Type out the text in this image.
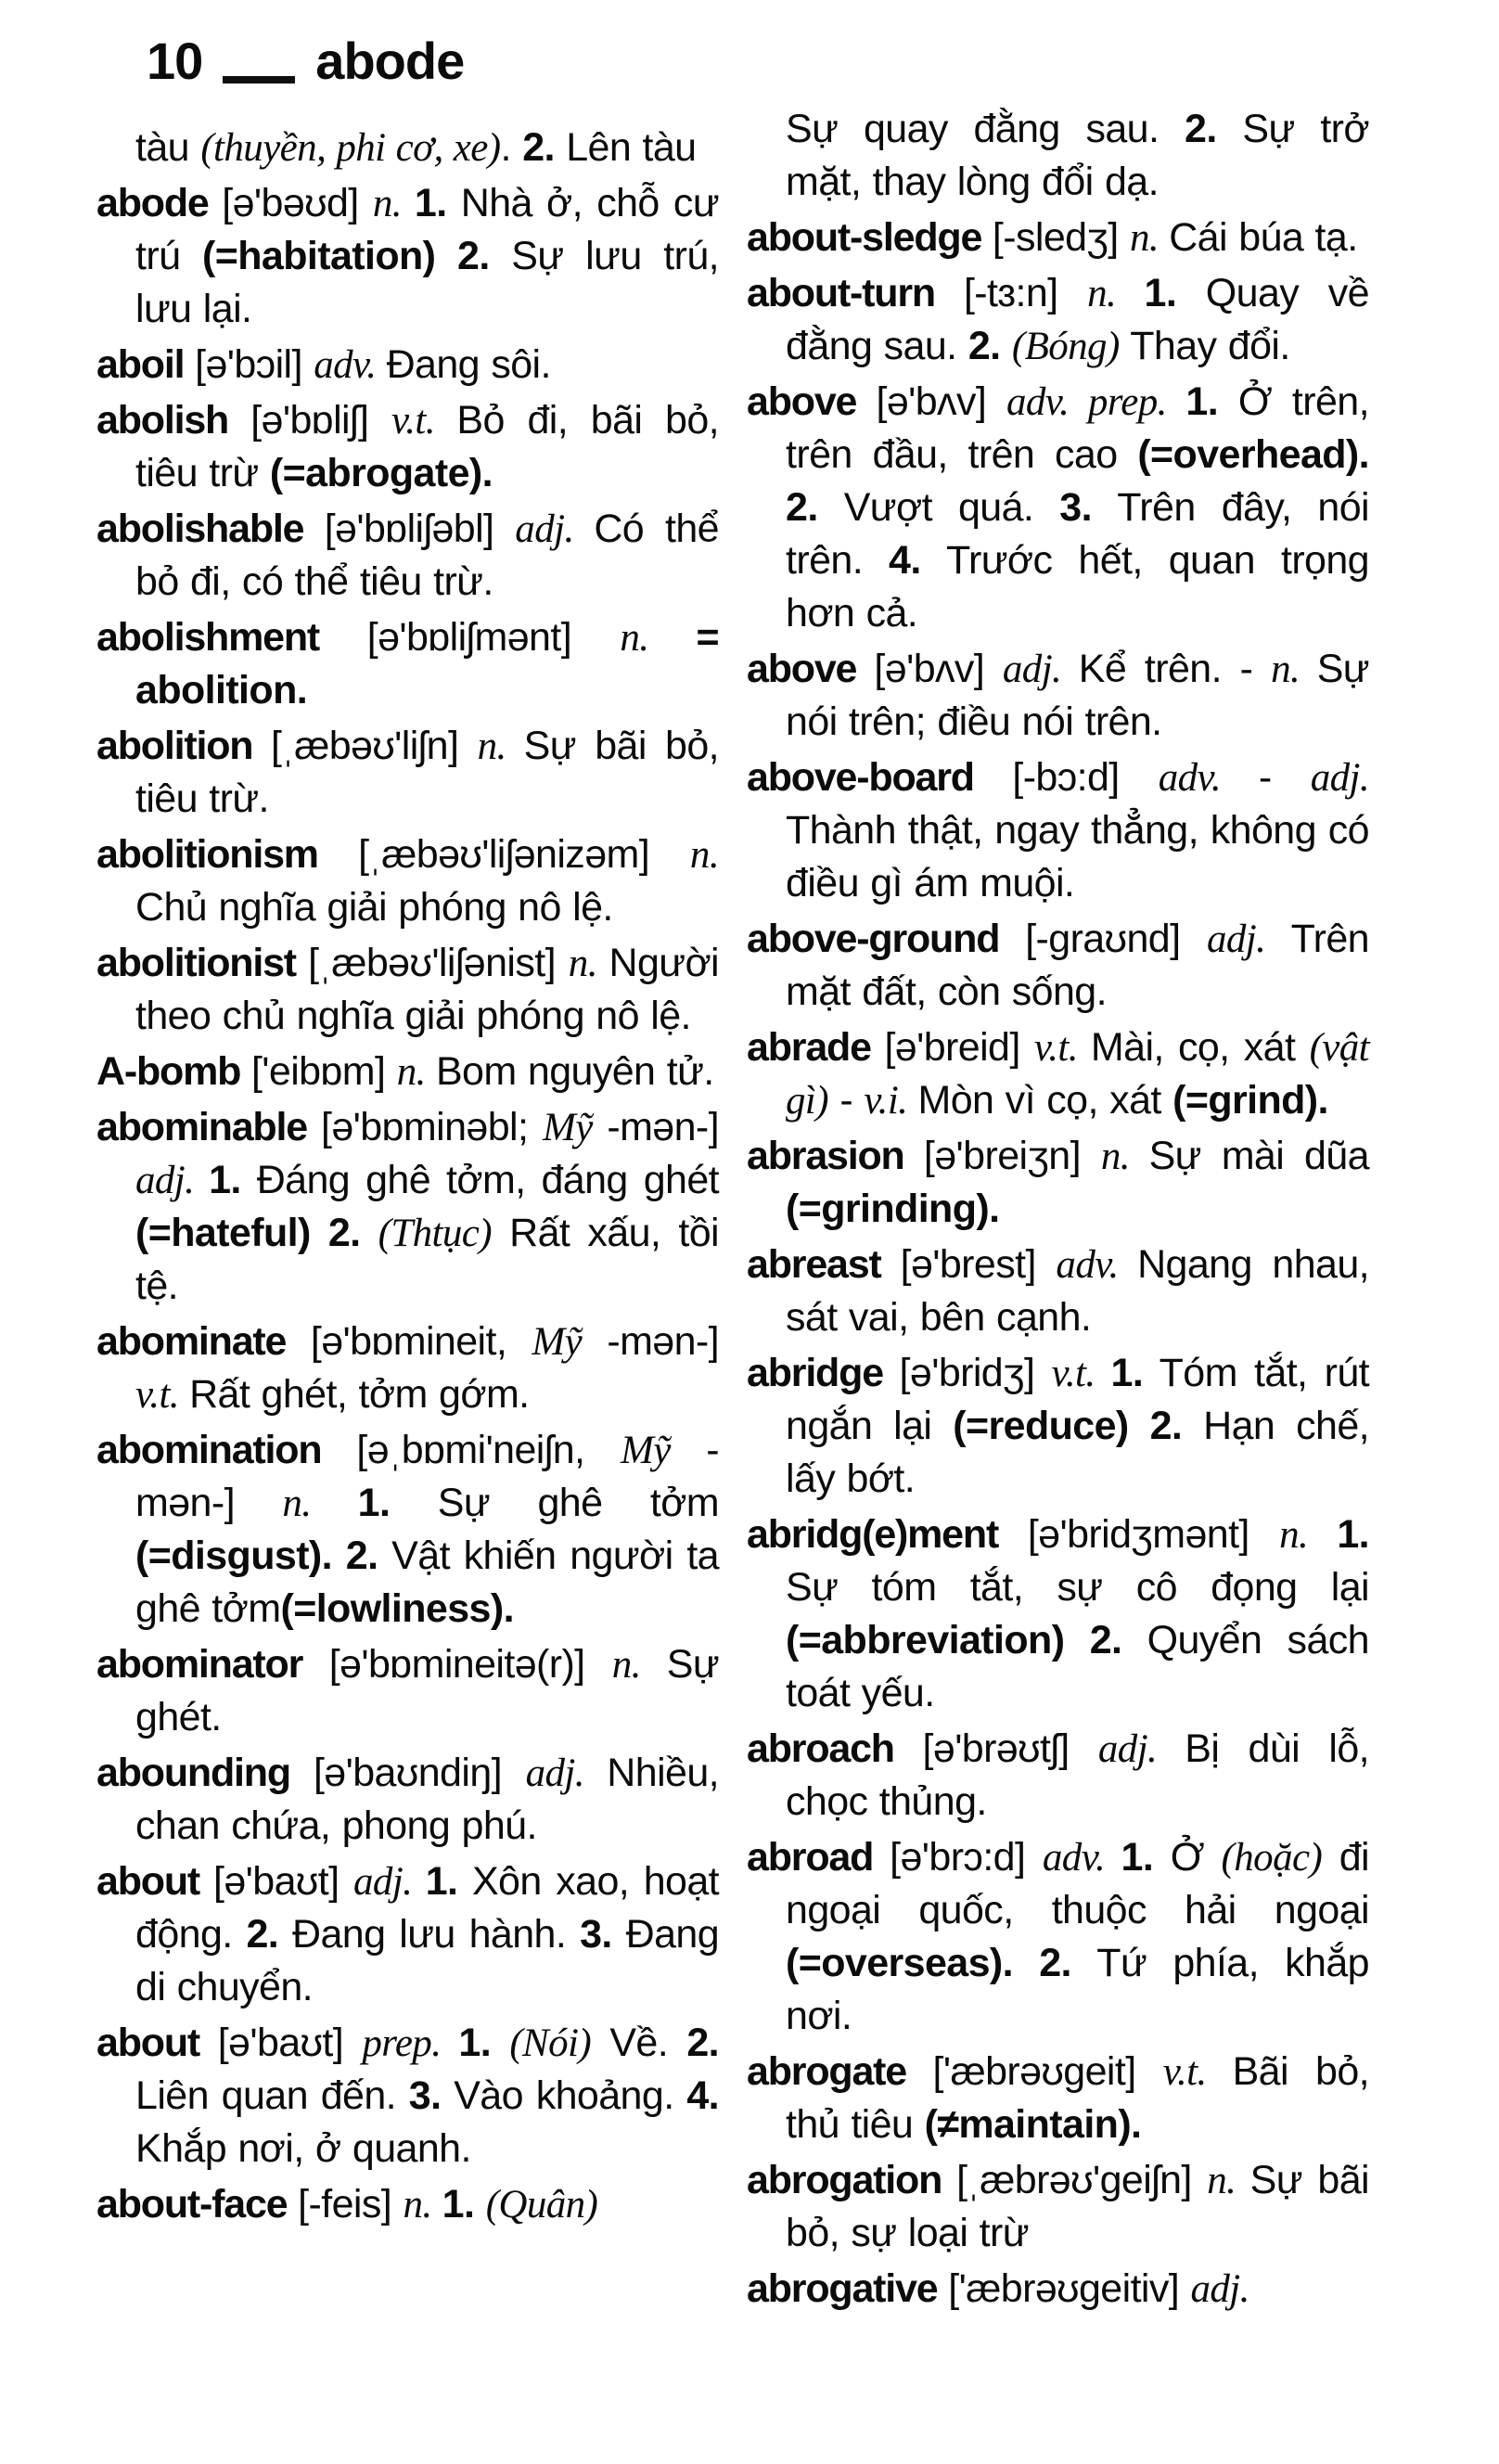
10 abode

tàu (thuyền, phi cơ, xe). 2. Lên tàu

abode [ə'bəʊd] n. 1. Nhà ở, chỗ cư trú (=habitation) 2. Sự lưu trú, lưu lại.

aboil [ə'bɔil] adv. Đang sôi.

abolish [ə'bɒliʃ] v.t. Bỏ đi, bãi bỏ, tiêu trừ (=abrogate).

abolishable [ə'bɒliʃəbl] adj. Có thể bỏ đi, có thể tiêu trừ.

abolishment [ə'bɒliʃmənt] n. = abolition.

abolition [ˌæbəʊ'liʃn] n. Sự bãi bỏ, tiêu trừ.

abolitionism [ˌæbəʊ'liʃənizəm] n. Chủ nghĩa giải phóng nô lệ.

abolitionist [ˌæbəʊ'liʃənist] n. Người theo chủ nghĩa giải phóng nô lệ.

A-bomb ['eibɒm] n. Bom nguyên tử.

abominable [ə'bɒminəbl; Mỹ -mən-] adj. 1. Đáng ghê tởm, đáng ghét (=hateful) 2. (Thtục) Rất xấu, tồi tệ.

abominate [ə'bɒmineit, Mỹ -mən-] v.t. Rất ghét, tởm gớm.

abomination [əˌbɒmi'neiʃn, Mỹ -mən-] n. 1. Sự ghê tởm (=disgust). 2. Vật khiến người ta ghê tởm(=lowliness).

abominator [ə'bɒmineitə(r)] n. Sự ghét.

abounding [ə'baʊndiŋ] adj. Nhiều, chan chứa, phong phú.

about [ə'baʊt] adj. 1. Xôn xao, hoạt động. 2. Đang lưu hành. 3. Đang di chuyển.

about [ə'baʊt] prep. 1. (Nói) Về. 2. Liên quan đến. 3. Vào khoảng. 4. Khắp nơi, ở quanh.

about-face [-feis] n. 1. (Quân)

Sự quay đằng sau. 2. Sự trở mặt, thay lòng đổi dạ.

about-sledge [-sledʒ] n. Cái búa tạ.

about-turn [-tɜ:n] n. 1. Quay về đằng sau. 2. (Bóng) Thay đổi.

above [ə'bʌv] adv. prep. 1. Ở trên, trên đầu, trên cao (=overhead). 2. Vượt quá. 3. Trên đây, nói trên. 4. Trước hết, quan trọng hơn cả.

above [ə'bʌv] adj. Kể trên. - n. Sự nói trên; điều nói trên.

above-board [-bɔ:d] adv. - adj. Thành thật, ngay thẳng, không có điều gì ám muội.

above-ground [-graʊnd] adj. Trên mặt đất, còn sống.

abrade [ə'breid] v.t. Mài, cọ, xát (vật gì) - v.i. Mòn vì cọ, xát (=grind).

abrasion [ə'breiʒn] n. Sự mài dũa (=grinding).

abreast [ə'brest] adv. Ngang nhau, sát vai, bên cạnh.

abridge [ə'bridʒ] v.t. 1. Tóm tắt, rút ngắn lại (=reduce) 2. Hạn chế, lấy bớt.

abridg(e)ment [ə'bridʒmənt] n. 1. Sự tóm tắt, sự cô đọng lại (=abbreviation) 2. Quyển sách toát yếu.

abroach [ə'brəʊtʃ] adj. Bị dùi lỗ, chọc thủng.

abroad [ə'brɔ:d] adv. 1. Ở (hoặc) đi ngoại quốc, thuộc hải ngoại (=overseas). 2. Tứ phía, khắp nơi.

abrogate ['æbrəʊgeit] v.t. Bãi bỏ, thủ tiêu (≠maintain).

abrogation [ˌæbrəʊ'geiʃn] n. Sự bãi bỏ, sự loại trừ

abrogative ['æbrəʊgeitiv] adj.
